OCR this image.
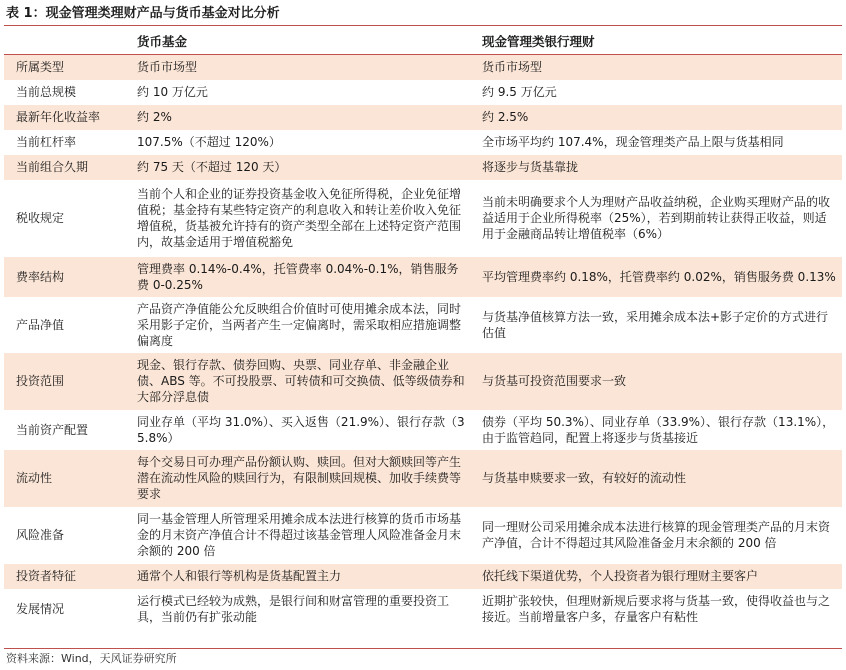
表 1：现金管理类理财产品与货币基金对比分析
	货币基金	现金管理类银行理财
所属类型	货币市场型	货币市场型
当前总规模	约 10 万亿元	约 9.5 万亿元
最新年化收益率	约 2%	约 2.5%
当前杠杆率	107.5%（不超过 120%）	全市场平均约 107.4%，现金管理类产品上限与货基相同
当前组合久期	约 75 天（不超过 120 天）	将逐步与货基靠拢
税收规定	当前个人和企业的证券投资基金收入免征所得税，企业免征增值税；基金持有某些特定资产的利息收入和转让差价收入免征增值税，货基被允许持有的资产类型全部在上述特定资产范围内，故基金适用于增值税豁免	当前未明确要求个人为理财产品收益纳税，企业购买理财产品的收益适用于企业所得税率（25%），若到期前转让获得正收益，则适用于金融商品转让增值税率（6%）
费率结构	管理费率 0.14%-0.4%，托管费率 0.04%-0.1%，销售服务费 0-0.25%	平均管理费率约 0.18%，托管费率约 0.02%，销售服务费 0.13%
产品净值	产品资产净值能公允反映组合价值时可使用摊余成本法，同时采用影子定价，当两者产生一定偏离时，需采取相应措施调整偏离度	与货基净值核算方法一致，采用摊余成本法+影子定价的方式进行估值
投资范围	现金、银行存款、债券回购、央票、同业存单、非金融企业债、ABS 等。不可投股票、可转债和可交换债、低等级债券和大部分浮息债	与货基可投资范围要求一致
当前资产配置	同业存单（平均 31.0%）、买入返售（21.9%）、银行存款（35.8%）	债券（平均 50.3%）、同业存单（33.9%）、银行存款（13.1%），由于监管趋同，配置上将逐步与货基接近
流动性	每个交易日可办理产品份额认购、赎回。但对大额赎回等产生潜在流动性风险的赎回行为，有限制赎回规模、加收手续费等要求	与货基申赎要求一致，有较好的流动性
风险准备	同一基金管理人所管理采用摊余成本法进行核算的货币市场基金的月末资产净值合计不得超过该基金管理人风险准备金月末余额的 200 倍	同一理财公司采用摊余成本法进行核算的现金管理类产品的月末资产净值，合计不得超过其风险准备金月末余额的 200 倍
投资者特征	通常个人和银行等机构是货基配置主力	依托线下渠道优势，个人投资者为银行理财主要客户
发展情况	运行模式已经较为成熟，是银行间和财富管理的重要投资工具，当前仍有扩张动能	近期扩张较快，但理财新规后要求将与货基一致，使得收益也与之接近。当前增量客户多，存量客户有粘性
资料来源：Wind，天风证券研究所
